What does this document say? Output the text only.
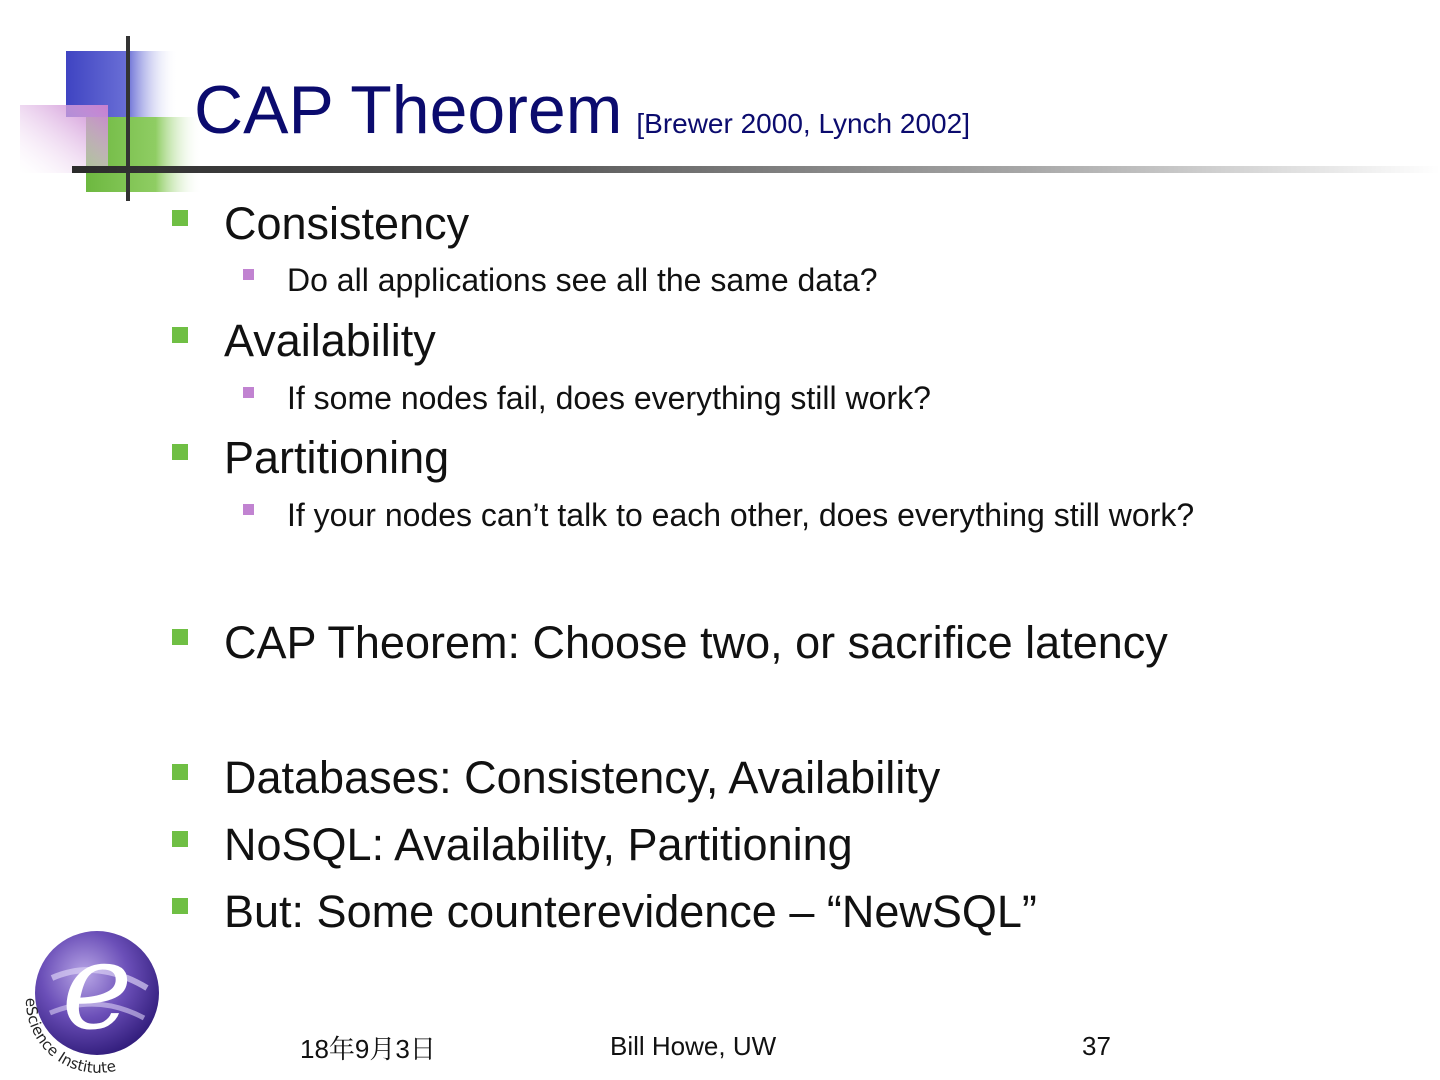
CAP Theorem [Brewer 2000, Lynch 2002]
Consistency
Do all applications see all the same data?
Availability
If some nodes fail, does everything still work?
Partitioning
If your nodes can’t talk to each other, does everything still work?
CAP Theorem: Choose two, or sacrifice latency
Databases: Consistency, Availability
NoSQL: Availability, Partitioning
But: Some counterevidence – “NewSQL”
e
eScience Institute
18年9月3日	Bill Howe, UW	37
